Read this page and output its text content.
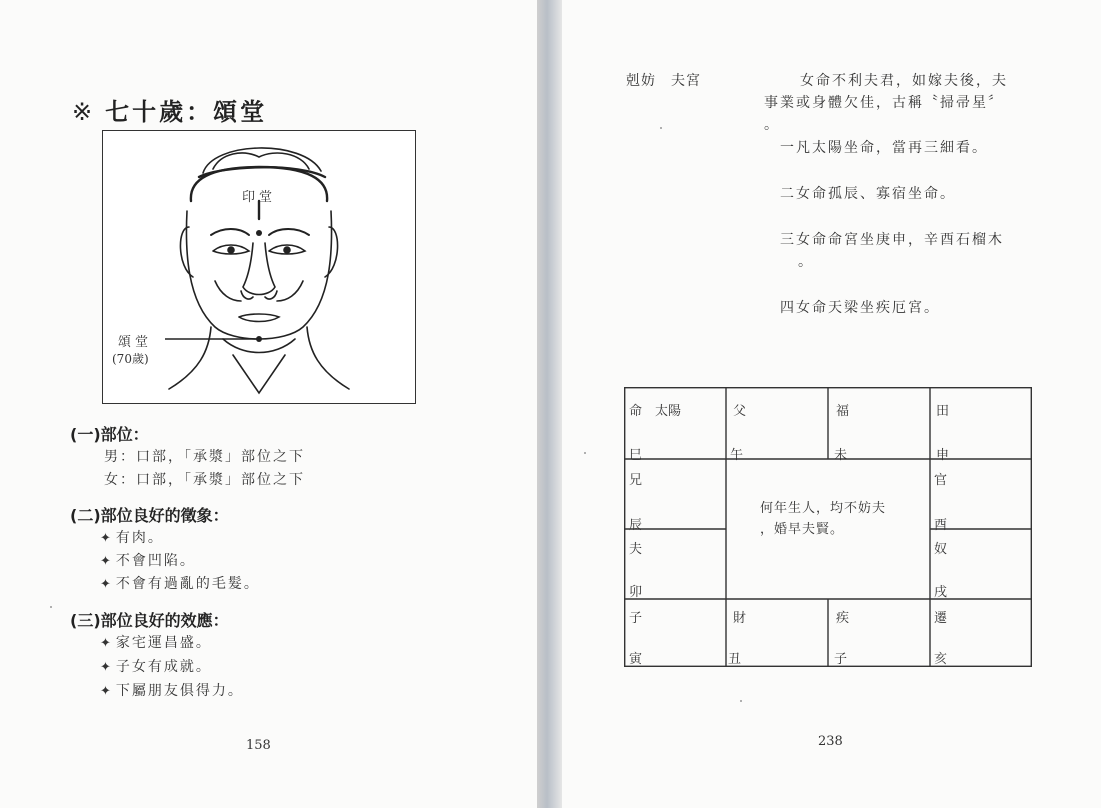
※ 七十歲：頌堂
印堂
頌堂
(70歲)
(一)部位：
男：口部，「承漿」部位之下
女：口部，「承漿」部位之下
(二)部位良好的徵象：
✦ 有肉。
✦ 不會凹陷。
✦ 不會有過亂的毛髮。
(三)部位良好的效應：
✦ 家宅運昌盛。
✦ 子女有成就。
✦ 下屬朋友俱得力。
158
剋妨　夫宮	女命不利夫君，如嫁夫後，夫
事業或身體欠佳，古稱〝掃帚星〞
。
一凡太陽坐命，當再三細看。
二女命孤辰、寡宿坐命。
三女命命宮坐庚申，辛酉石榴木
。
四女命天梁坐疾厄宮。
命　太陽
巳
父
午
福
未
田
申
兄
辰
夫
卯
官
酉
奴
戌
何年生人，均不妨夫
，婚早夫賢。
子
寅
財
丑
疾
子
遷
亥
238
